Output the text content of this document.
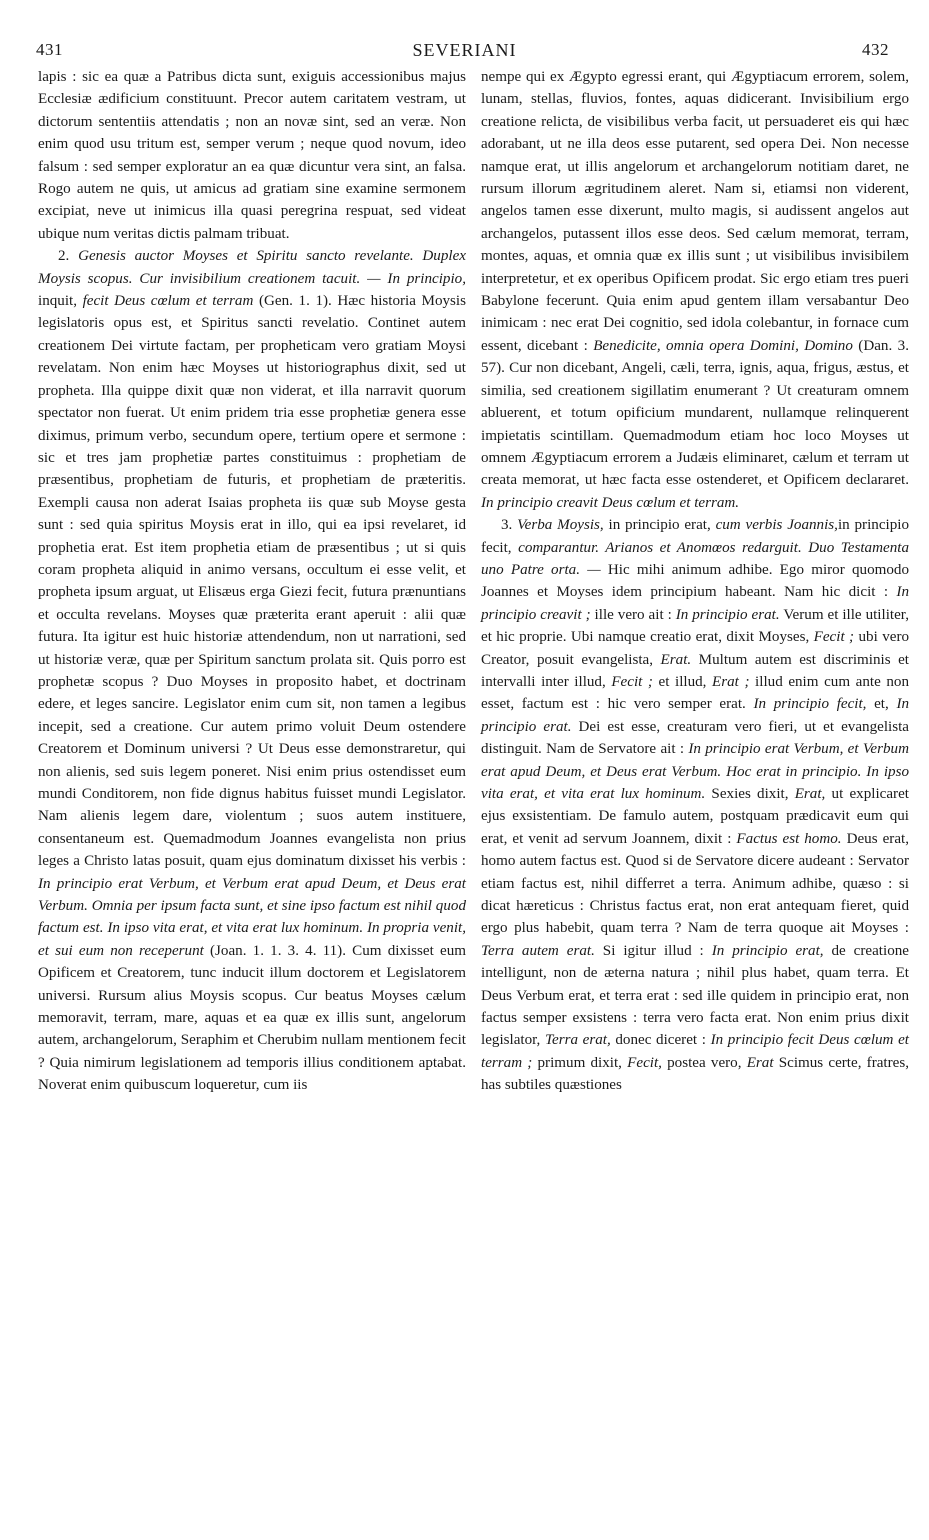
431	SEVERIANI	432

lapis : sic ea quæ a Patribus dicta sunt, exiguis accessionibus majus Ecclesiæ ædificium constituunt. Precor autem caritatem vestram, ut dictorum sententiis attendatis ; non an novæ sint, sed an veræ. Non enim quod usu tritum est, semper verum ; neque quod novum, ideo falsum : sed semper exploratur an ea quæ dicuntur vera sint, an falsa. Rogo autem ne quis, ut amicus ad gratiam sine examine sermonem excipiat, neve ut inimicus illa quasi peregrina respuat, sed videat ubique num veritas dictis palmam tribuat.

2. Genesis auctor Moyses et Spiritu sancto revelante. Duplex Moysis scopus. Cur invisibilium creationem tacuit. — In principio, inquit, fecit Deus cœlum et terram (Gen. 1. 1). Hæc historia Moysis legislatoris opus est, et Spiritus sancti revelatio. Continet autem creationem Dei virtute factam, per propheticam vero gratiam Moysi revelatam. Non enim hæc Moyses ut historiographus dixit, sed ut propheta. Illa quippe dixit quæ non viderat, et illa narravit quorum spectator non fuerat. Ut enim pridem tria esse prophetiæ genera esse diximus, primum verbo, secundum opere, tertium opere et sermone : sic et tres jam prophetiæ partes constituimus : prophetiam de præsentibus, prophetiam de futuris, et prophetiam de præteritis. Exempli causa non aderat Isaias propheta iis quæ sub Moyse gesta sunt : sed quia spiritus Moysis erat in illo, qui ea ipsi revelaret, id prophetia erat. Est item prophetia etiam de præsentibus ; ut si quis coram propheta aliquid in animo versans, occultum ei esse velit, et propheta ipsum arguat, ut Elisæus erga Giezi fecit, futura prænuntians et occulta revelans. Moyses quæ præterita erant aperuit : alii quæ futura. Ita igitur est huic historiæ attendendum, non ut narrationi, sed ut historiæ veræ, quæ per Spiritum sanctum prolata sit. Quis porro est prophetæ scopus ? Duo Moyses in proposito habet, et doctrinam edere, et leges sancire. Legislator enim cum sit, non tamen a legibus incepit, sed a creatione. Cur autem primo voluit Deum ostendere Creatorem et Dominum universi ? Ut Deus esse demonstraretur, qui non alienis, sed suis legem poneret. Nisi enim prius ostendisset eum mundi Conditorem, non fide dignus habitus fuisset mundi Legislator. Nam alienis legem dare, violentum ; suos autem instituere, consentaneum est. Quemadmodum Joannes evangelista non prius leges a Christo latas posuit, quam ejus dominatum dixisset his verbis : In principio erat Verbum, et Verbum erat apud Deum, et Deus erat Verbum. Omnia per ipsum facta sunt, et sine ipso factum est nihil quod factum est. In ipso vita erat, et vita erat lux hominum. In propria venit, et sui eum non receperunt (Joan. 1. 1. 3. 4. 11). Cum dixisset eum Opificem et Creatorem, tunc inducit illum doctorem et Legislatorem universi. Rursum alius Moysis scopus. Cur beatus Moyses cælum memoravit, terram, mare, aquas et ea quæ ex illis sunt, angelorum autem, archangelorum, Seraphim et Cherubim nullam mentionem fecit ? Quia nimirum legislationem ad temporis illius conditionem aptabat. Noverat enim quibuscum loqueretur, cum iis

nempe qui ex Ægypto egressi erant, qui Ægyptiacum errorem, solem, lunam, stellas, fluvios, fontes, aquas didicerant. Invisibilium ergo creatione relicta, de visibilibus verba facit, ut persuaderet eis qui hæc adorabant, ut ne illa deos esse putarent, sed opera Dei. Non necesse namque erat, ut illis angelorum et archangelorum notitiam daret, ne rursum illorum ægritudinem aleret. Nam si, etiamsi non viderent, angelos tamen esse dixerunt, multo magis, si audissent angelos aut archangelos, putassent illos esse deos. Sed cælum memorat, terram, montes, aquas, et omnia quæ ex illis sunt ; ut visibilibus invisibilem interpretetur, et ex operibus Opificem prodat. Sic ergo etiam tres pueri Babylone fecerunt. Quia enim apud gentem illam versabantur Deo inimicam : nec erat Dei cognitio, sed idola colebantur, in fornace cum essent, dicebant : Benedicite, omnia opera Domini, Domino (Dan. 3. 57). Cur non dicebant, Angeli, cæli, terra, ignis, aqua, frigus, æstus, et similia, sed creationem sigillatim enumerant ? Ut creaturam omnem abluerent, et totum opificium mundarent, nullamque relinquerent impietatis scintillam. Quemadmodum etiam hoc loco Moyses ut omnem Ægyptiacum errorem a Judæis eliminaret, cælum et terram ut creata memorat, ut hæc facta esse ostenderet, et Opificem declararet. In principio creavit Deus cœlum et terram.

3. Verba Moysis, in principio erat, cum verbis Joannis,in principio fecit, comparantur. Arianos et Anomœos redarguit. Duo Testamenta uno Patre orta. — Hic mihi animum adhibe. Ego miror quomodo Joannes et Moyses idem principium habeant. Nam hic dicit : In principio creavit ; ille vero ait : In principio erat. Verum et ille utiliter, et hic proprie. Ubi namque creatio erat, dixit Moyses, Fecit ; ubi vero Creator, posuit evangelista, Erat. Multum autem est discriminis et intervalli inter illud, Fecit ; et illud, Erat ; illud enim cum ante non esset, factum est : hic vero semper erat. In principio fecit, et, In principio erat. Dei est esse, creaturam vero fieri, ut et evangelista distinguit. Nam de Servatore ait : In principio erat Verbum, et Verbum erat apud Deum, et Deus erat Verbum. Hoc erat in principio. In ipso vita erat, et vita erat lux hominum. Sexies dixit, Erat, ut explicaret ejus exsistentiam. De famulo autem, postquam prædicavit eum qui erat, et venit ad servum Joannem, dixit : Factus est homo. Deus erat, homo autem factus est. Quod si de Servatore dicere audeant : Servator etiam factus est, nihil differret a terra. Animum adhibe, quæso : si dicat hæreticus : Christus factus erat, non erat antequam fieret, quid ergo plus habebit, quam terra ? Nam de terra quoque ait Moyses : Terra autem erat. Si igitur illud : In principio erat, de creatione intelligunt, non de æterna natura ; nihil plus habet, quam terra. Et Deus Verbum erat, et terra erat : sed ille quidem in principio erat, non factus semper exsistens : terra vero facta erat. Non enim prius dixit legislator, Terra erat, donec diceret : In principio fecit Deus cœlum et terram ; primum dixit, Fecit, postea vero, Erat Scimus certe, fratres, has subtiles quæstiones
